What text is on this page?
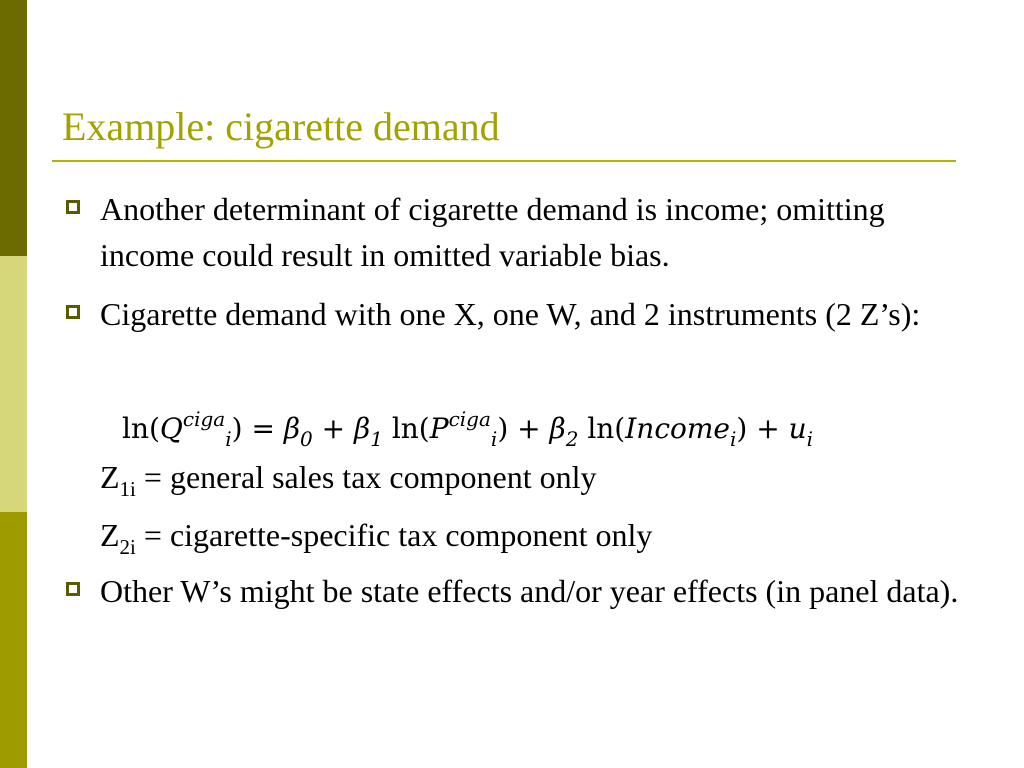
Example: cigarette demand
Another determinant of cigarette demand is income; omitting income could result in omitted variable bias.
Cigarette demand with one X, one W, and 2 instruments (2 Z’s):
$\ln(Q^{ciga}_i) = \beta_0 + \beta_1$ $\ln(P^{ciga}_i) + \beta_2$ ln(Income$_i$) + $u_i$
$Z_{1i}$ = general sales tax component only
$Z_{2i}$ = cigarette-specific tax component only
Other W’s might be state effects and/or year effects (in panel data).
